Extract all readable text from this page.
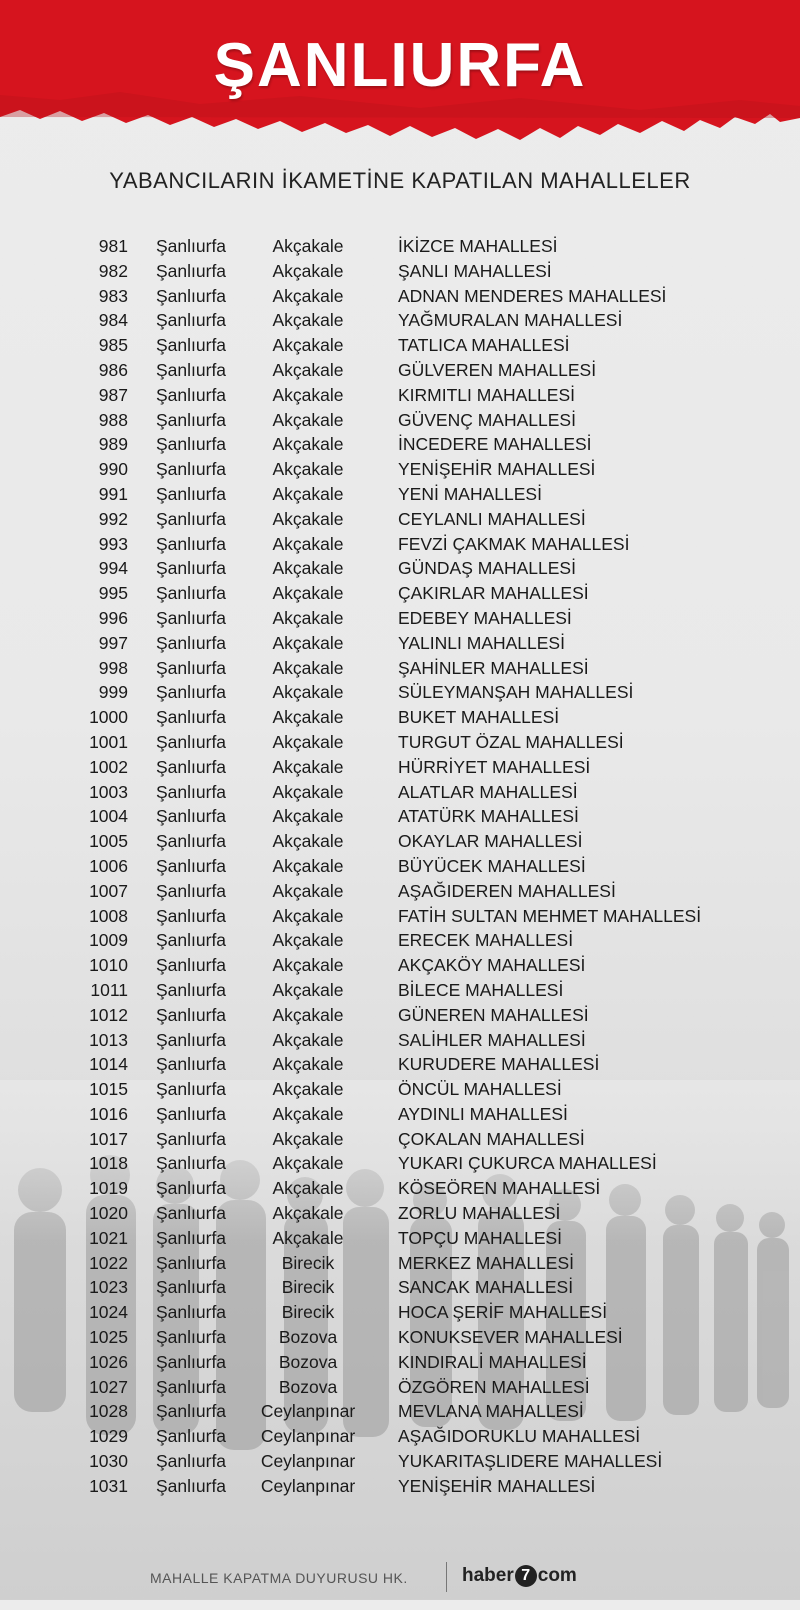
ŞANLIURFA
YABANCILARIN İKAMETİNE KAPATILAN MAHALLELER
981 Şanlıurfa	Akçakale	İKİZCE MAHALLESİ
982 Şanlıurfa	Akçakale	ŞANLI MAHALLESİ
983 Şanlıurfa	Akçakale	ADNAN MENDERES MAHALLESİ
984 Şanlıurfa	Akçakale	YAĞMURALAN MAHALLESİ
985 Şanlıurfa	Akçakale	TATLICA MAHALLESİ
986 Şanlıurfa	Akçakale	GÜLVEREN MAHALLESİ
987 Şanlıurfa	Akçakale	KIRMITLI MAHALLESİ
988 Şanlıurfa	Akçakale	GÜVENÇ MAHALLESİ
989 Şanlıurfa	Akçakale	İNCEDERE MAHALLESİ
990 Şanlıurfa	Akçakale	YENİŞEHİR MAHALLESİ
991 Şanlıurfa	Akçakale	YENİ MAHALLESİ
992 Şanlıurfa	Akçakale	CEYLANLI MAHALLESİ
993 Şanlıurfa	Akçakale	FEVZİ ÇAKMAK MAHALLESİ
994 Şanlıurfa	Akçakale	GÜNDAŞ MAHALLESİ
995 Şanlıurfa	Akçakale	ÇAKIRLAR MAHALLESİ
996 Şanlıurfa	Akçakale	EDEBEY MAHALLESİ
997 Şanlıurfa	Akçakale	YALINLI MAHALLESİ
998 Şanlıurfa	Akçakale	ŞAHİNLER MAHALLESİ
999 Şanlıurfa	Akçakale	SÜLEYMANŞAH MAHALLESİ
1000 Şanlıurfa	Akçakale	BUKET MAHALLESİ
1001 Şanlıurfa	Akçakale	TURGUT ÖZAL MAHALLESİ
1002 Şanlıurfa	Akçakale	HÜRRİYET MAHALLESİ
1003 Şanlıurfa	Akçakale	ALATLAR MAHALLESİ
1004 Şanlıurfa	Akçakale	ATATÜRK MAHALLESİ
1005 Şanlıurfa	Akçakale	OKAYLAR MAHALLESİ
1006 Şanlıurfa	Akçakale	BÜYÜCEK MAHALLESİ
1007 Şanlıurfa	Akçakale	AŞAĞIDEREN MAHALLESİ
1008 Şanlıurfa	Akçakale	FATİH SULTAN MEHMET MAHALLESİ
1009 Şanlıurfa	Akçakale	ERECEK MAHALLESİ
1010 Şanlıurfa	Akçakale	AKÇAKÖY MAHALLESİ
1011 Şanlıurfa	Akçakale	BİLECE MAHALLESİ
1012 Şanlıurfa	Akçakale	GÜNEREN MAHALLESİ
1013 Şanlıurfa	Akçakale	SALİHLER MAHALLESİ
1014 Şanlıurfa	Akçakale	KURUDERE MAHALLESİ
1015 Şanlıurfa	Akçakale	ÖNCÜL MAHALLESİ
1016 Şanlıurfa	Akçakale	AYDINLI MAHALLESİ
1017 Şanlıurfa	Akçakale	ÇOKALAN MAHALLESİ
1018 Şanlıurfa	Akçakale	YUKARI ÇUKURCA MAHALLESİ
1019 Şanlıurfa	Akçakale	KÖSEÖREN MAHALLESİ
1020 Şanlıurfa	Akçakale	ZORLU MAHALLESİ
1021 Şanlıurfa	Akçakale	TOPÇU MAHALLESİ
1022 Şanlıurfa	Birecik	MERKEZ MAHALLESİ
1023 Şanlıurfa	Birecik	SANCAK MAHALLESİ
1024 Şanlıurfa	Birecik	HOCA ŞERİF MAHALLESİ
1025 Şanlıurfa	Bozova	KONUKSEVER MAHALLESİ
1026 Şanlıurfa	Bozova	KINDIRALİ MAHALLESİ
1027 Şanlıurfa	Bozova	ÖZGÖREN MAHALLESİ
1028 Şanlıurfa	Ceylanpınar	MEVLANA MAHALLESİ
1029 Şanlıurfa	Ceylanpınar	AŞAĞIDORUKLU MAHALLESİ
1030 Şanlıurfa	Ceylanpınar	YUKARITAŞLIDERE MAHALLESİ
1031 Şanlıurfa	Ceylanpınar	YENİŞEHİR MAHALLESİ
MAHALLE KAPATMA DUYURUSU HK.	haber 7 com
